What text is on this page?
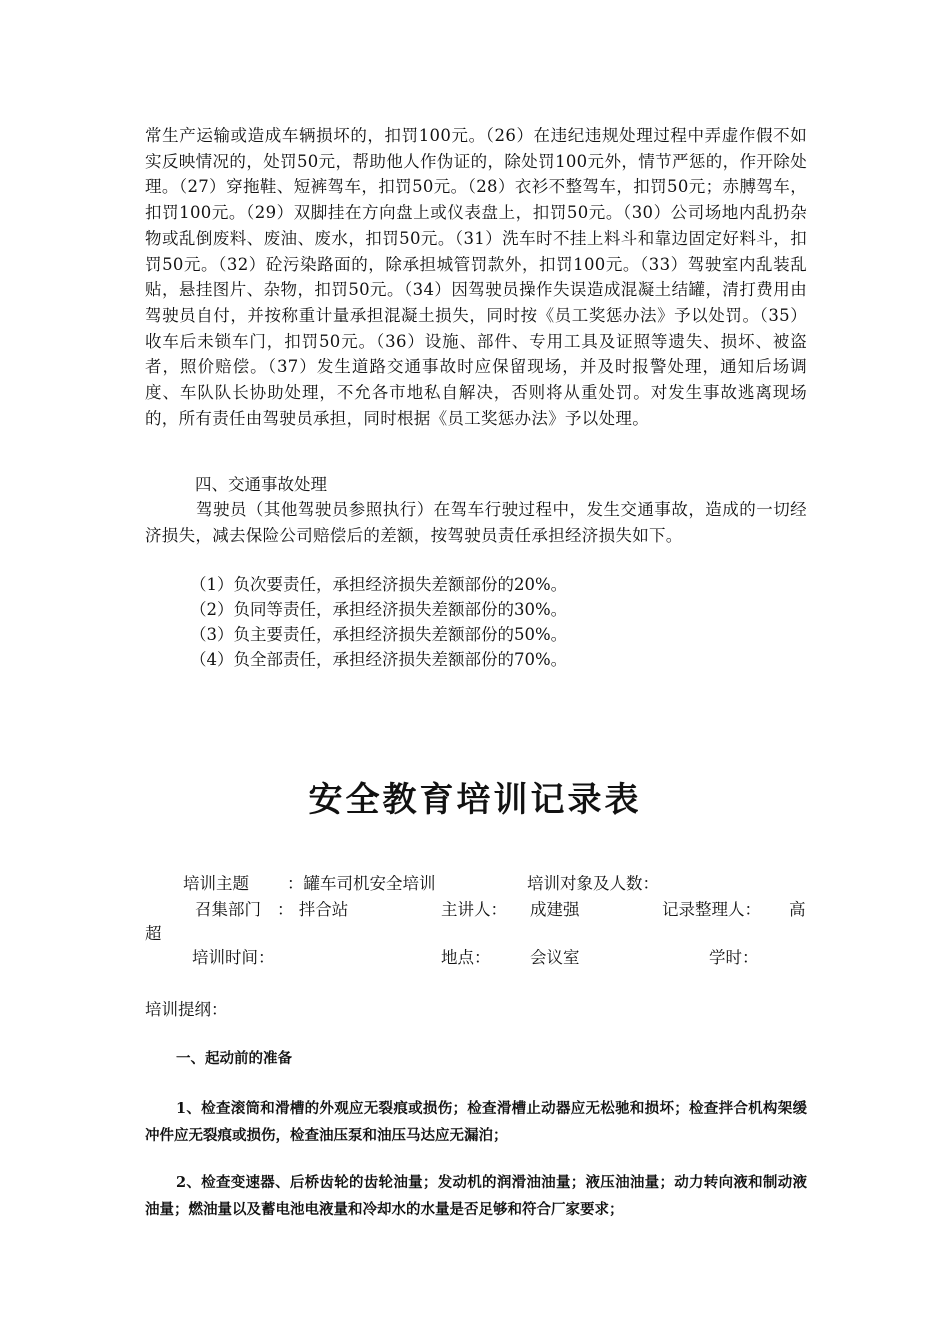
常生产运输或造成车辆损坏的，扣罚100元。（26）在违纪违规处理过程中弄虚作假不如实反映情况的，处罚50元，帮助他人作伪证的，除处罚100元外，情节严惩的，作开除处理。（27）穿拖鞋、短裤驾车，扣罚50元。（28）衣衫不整驾车，扣罚50元；赤膊驾车，扣罚100元。（29）双脚挂在方向盘上或仪表盘上，扣罚50元。（30）公司场地内乱扔杂物或乱倒废料、废油、废水，扣罚50元。（31）洗车时不挂上料斗和靠边固定好料斗，扣罚50元。（32）砼污染路面的，除承担城管罚款外，扣罚100元。（33）驾驶室内乱装乱贴，悬挂图片、杂物，扣罚50元。（34）因驾驶员操作失误造成混凝土结罐，清打费用由驾驶员自付，并按称重计量承担混凝土损失，同时按《员工奖惩办法》予以处罚。（35）收车后未锁车门，扣罚50元。（36）设施、部件、专用工具及证照等遗失、损坏、被盗者，照价赔偿。（37）发生道路交通事故时应保留现场，并及时报警处理，通知后场调度、车队队长协助处理，不允各市地私自解决，否则将从重处罚。对发生事故逃离现场的，所有责任由驾驶员承担，同时根据《员工奖惩办法》予以处理。

四、交通事故处理

驾驶员（其他驾驶员参照执行）在驾车行驶过程中，发生交通事故，造成的一切经济损失，减去保险公司赔偿后的差额，按驾驶员责任承担经济损失如下。

（1）负次要责任，承担经济损失差额部份的20%。

（2）负同等责任，承担经济损失差额部份的30%。

（3）负主要责任，承担经济损失差额部份的50%。

（4）负全部责任，承担经济损失差额部份的70%。

安全教育培训记录表
培训主题 ：罐车司机安全培训	培训对象及人数：
召集部门 ： 拌合站	主讲人： 成建强	记录整理人： 高
超
培训时间：	地点： 会议室	学时：
培训提纲：
一、起动前的准备

1、检查滚筒和滑槽的外观应无裂痕或损伤；检查滑槽止动器应无松驰和损坏；检查拌合机构架缓冲件应无裂痕或损伤，检查油压泵和油压马达应无漏泊；

2、检查变速器、后桥齿轮的齿轮油量；发动机的润滑油油量；液压油油量；动力转向液和制动液油量；燃油量以及蓄电池电液量和冷却水的水量是否足够和符合厂家要求；
